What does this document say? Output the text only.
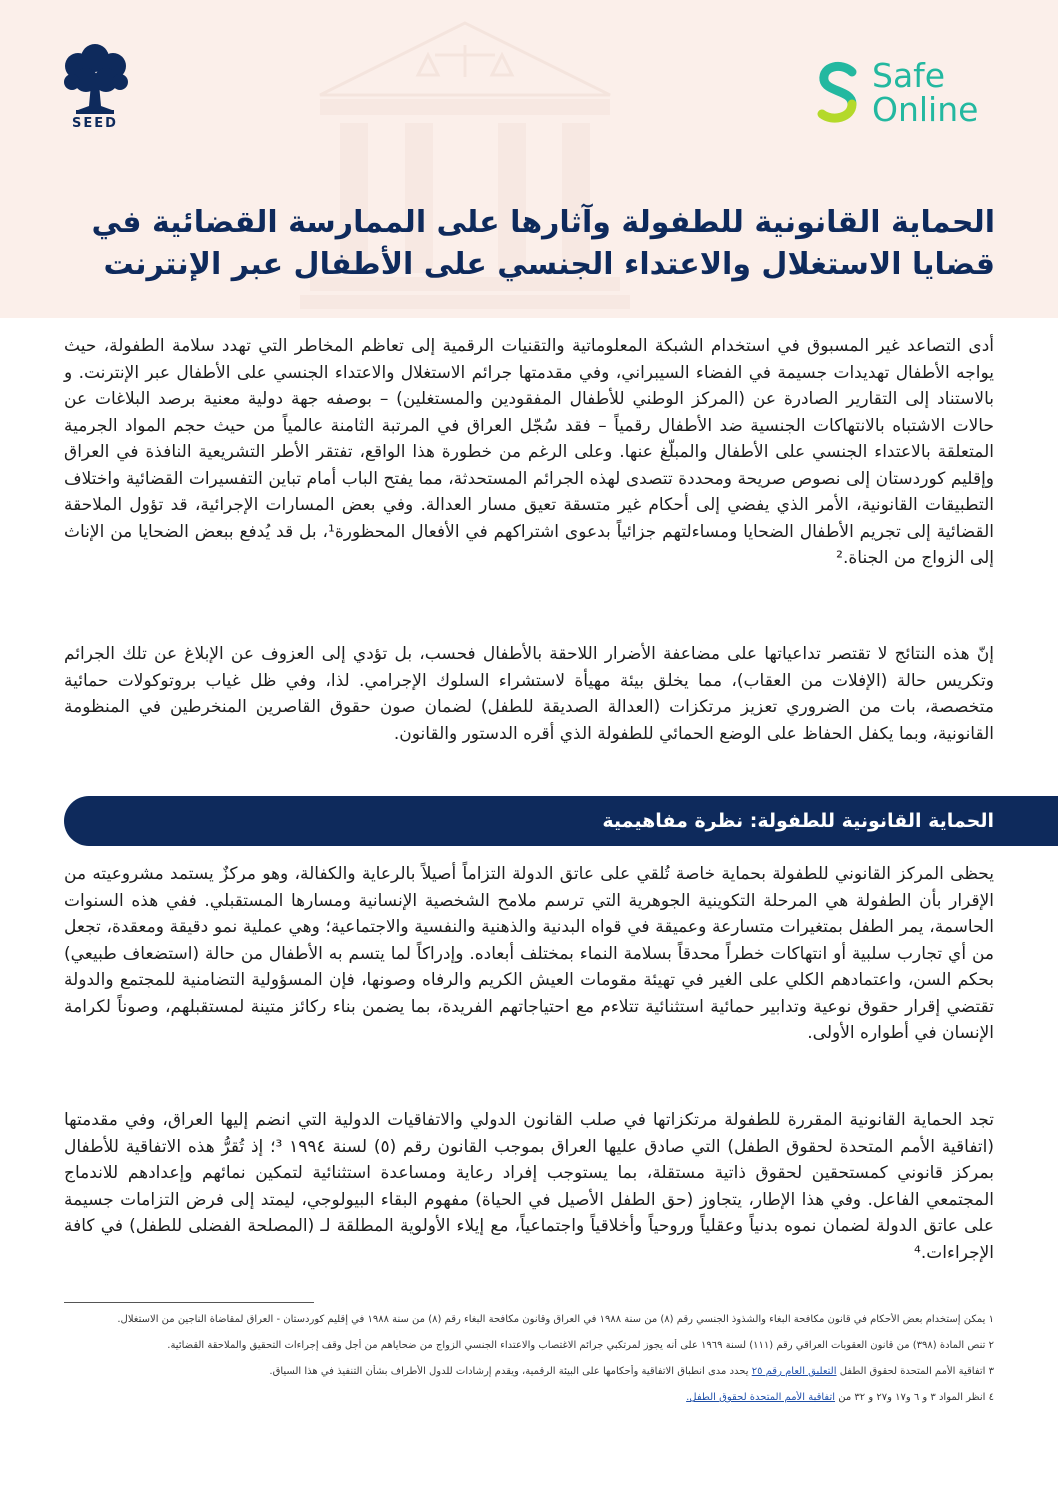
SEED
Safe
Online
الحماية القانونية للطفولة وآثارها على الممارسة القضائية في قضايا الاستغلال والاعتداء الجنسي على الأطفال عبر الإنترنت

أدى التصاعد غير المسبوق في استخدام الشبكة المعلوماتية والتقنيات الرقمية إلى تعاظم المخاطر التي تهدد سلامة الطفولة، حيث يواجه الأطفال تهديدات جسيمة في الفضاء السيبراني، وفي مقدمتها جرائم الاستغلال والاعتداء الجنسي على الأطفال عبر الإنترنت. و بالاستناد إلى التقارير الصادرة عن (المركز الوطني للأطفال المفقودين والمستغلين) – بوصفه جهة دولية معنية برصد البلاغات عن حالات الاشتباه بالانتهاكات الجنسية ضد الأطفال رقمياً – فقد سُجّل العراق في المرتبة الثامنة عالمياً من حيث حجم المواد الجرمية المتعلقة بالاعتداء الجنسي على الأطفال والمبلّغ عنها. وعلى الرغم من خطورة هذا الواقع، تفتقر الأطر التشريعية النافذة في العراق وإقليم كوردستان إلى نصوص صريحة ومحددة تتصدى لهذه الجرائم المستحدثة، مما يفتح الباب أمام تباين التفسيرات القضائية واختلاف التطبيقات القانونية، الأمر الذي يفضي إلى أحكام غير متسقة تعيق مسار العدالة. وفي بعض المسارات الإجرائية، قد تؤول الملاحقة القضائية إلى تجريم الأطفال الضحايا ومساءلتهم جزائياً بدعوى اشتراكهم في الأفعال المحظورة¹، بل قد يُدفع ببعض الضحايا من الإناث إلى الزواج من الجناة.²

إنّ هذه النتائج لا تقتصر تداعياتها على مضاعفة الأضرار اللاحقة بالأطفال فحسب، بل تؤدي إلى العزوف عن الإبلاغ عن تلك الجرائم وتكريس حالة (الإفلات من العقاب)، مما يخلق بيئة مهيأة لاستشراء السلوك الإجرامي. لذا، وفي ظل غياب بروتوكولات حمائية متخصصة، بات من الضروري تعزيز مرتكزات (العدالة الصديقة للطفل) لضمان صون حقوق القاصرين المنخرطين في المنظومة القانونية، وبما يكفل الحفاظ على الوضع الحمائي للطفولة الذي أقره الدستور والقانون.

الحماية القانونية للطفولة: نظرة مفاهيمية

يحظى المركز القانوني للطفولة بحماية خاصة تُلقي على عاتق الدولة التزاماً أصيلاً بالرعاية والكفالة، وهو مركزٌ يستمد مشروعيته من الإقرار بأن الطفولة هي المرحلة التكوينية الجوهرية التي ترسم ملامح الشخصية الإنسانية ومسارها المستقبلي. ففي هذه السنوات الحاسمة، يمر الطفل بمتغيرات متسارعة وعميقة في قواه البدنية والذهنية والنفسية والاجتماعية؛ وهي عملية نمو دقيقة ومعقدة، تجعل من أي تجارب سلبية أو انتهاكات خطراً محدقاً بسلامة النماء بمختلف أبعاده. وإدراكاً لما يتسم به الأطفال من حالة (استضعاف طبيعي) بحكم السن، واعتمادهم الكلي على الغير في تهيئة مقومات العيش الكريم والرفاه وصونها، فإن المسؤولية التضامنية للمجتمع والدولة تقتضي إقرار حقوق نوعية وتدابير حمائية استثنائية تتلاءم مع احتياجاتهم الفريدة، بما يضمن بناء ركائز متينة لمستقبلهم، وصوناً لكرامة الإنسان في أطواره الأولى.

تجد الحماية القانونية المقررة للطفولة مرتكزاتها في صلب القانون الدولي والاتفاقيات الدولية التي انضم إليها العراق، وفي مقدمتها (اتفاقية الأمم المتحدة لحقوق الطفل) التي صادق عليها العراق بموجب القانون رقم (٥) لسنة ١٩٩٤ ³؛ إذ تُقرُّ هذه الاتفاقية للأطفال بمركز قانوني كمستحقين لحقوق ذاتية مستقلة، بما يستوجب إفراد رعاية ومساعدة استثنائية لتمكين نمائهم وإعدادهم للاندماج المجتمعي الفاعل. وفي هذا الإطار، يتجاوز (حق الطفل الأصيل في الحياة) مفهوم البقاء البيولوجي، ليمتد إلى فرض التزامات جسيمة على عاتق الدولة لضمان نموه بدنياً وعقلياً وروحياً وأخلاقياً واجتماعياً، مع إيلاء الأولوية المطلقة لـ (المصلحة الفضلى للطفل) في كافة الإجراءات.⁴

١ يمكن إستخدام بعض الأحكام في قانون مكافحة البغاء والشذوذ الجنسي رقم (٨) من سنة ١٩٨٨ في العراق وقانون مكافحة البغاء رقم (٨) من سنة ١٩٨٨ في إقليم كوردستان - العراق لمقاضاة الناجين من الاستغلال.

٢ تنص المادة (٣٩٨) من قانون العقوبات العراقي رقم (١١١) لسنة ١٩٦٩ على أنه يجوز لمرتكبي جرائم الاغتصاب والاعتداء الجنسي الزواج من ضحاياهم من أجل وقف إجراءات التحقيق والملاحقة القضائية.

٣ اتفاقية الأمم المتحدة لحقوق الطفل التعليق العام رقم ٢٥ يحدد مدى انطباق الاتفاقية وأحكامها على البيئة الرقمية، ويقدم إرشادات للدول الأطراف بشأن التنفيذ في هذا السياق.

٤ انظر المواد ٣ و ٦ و١٧ و٢٧ و ٣٢ من اتفاقية الأمم المتحدة لحقوق الطفل.
